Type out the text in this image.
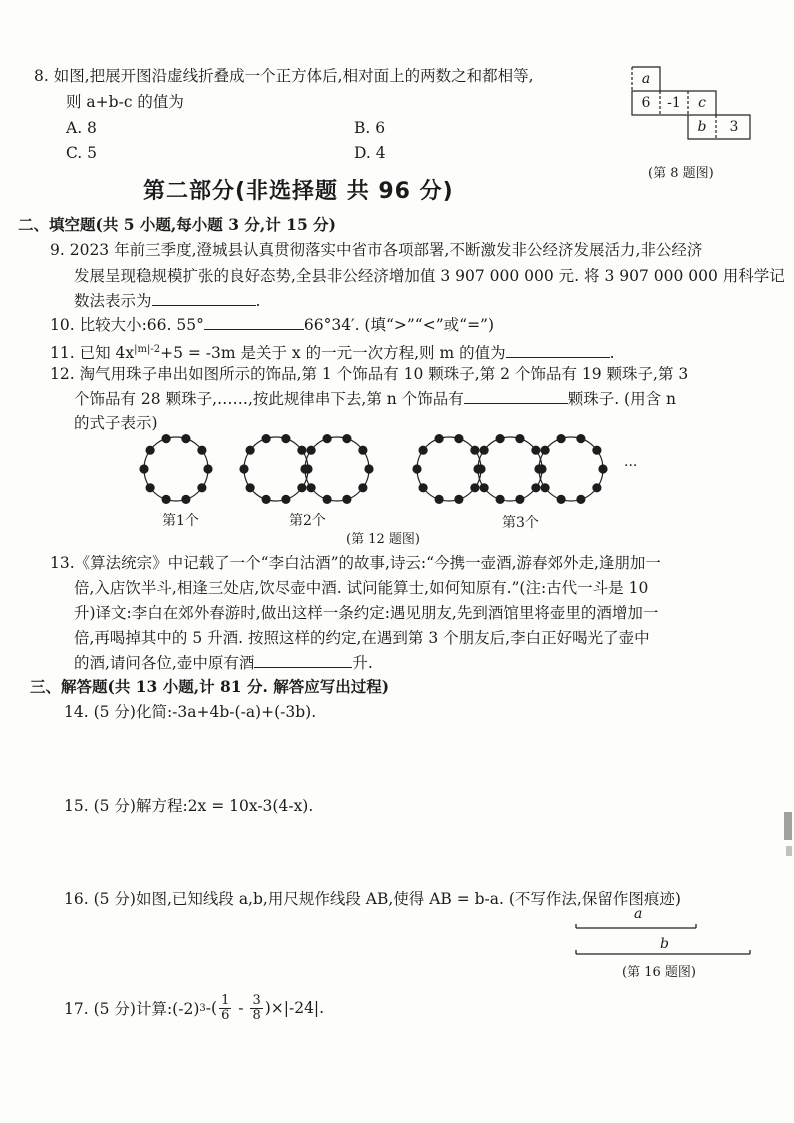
8. 如图,把展开图沿虚线折叠成一个正方体后,相对面上的两数之和都相等,
则 a+b-c 的值为
A. 8	B. 6
C. 5	D. 4
a
6	-1	c
b	3
(第 8 题图)
第二部分(非选择题 共 96 分)
二、填空题(共 5 小题,每小题 3 分,计 15 分)
9. 2023 年前三季度,澄城县认真贯彻落实中省市各项部署,不断激发非公经济发展活力,非公经济
发展呈现稳规模扩张的良好态势,全县非公经济增加值 3 907 000 000 元. 将 3 907 000 000 用科学记
数法表示为	.
10. 比较大小:66. 55°	66°34′. (填“>”“<”或“=”)
11. 已知 $4x^{|m|-2}+5 = -3m$ 是关于 x 的一元一次方程,则 m 的值为	.
12. 淘气用珠子串出如图所示的饰品,第 1 个饰品有 10 颗珠子,第 2 个饰品有 19 颗珠子,第 3
个饰品有 28 颗珠子,……,按此规律串下去,第 n 个饰品有	颗珠子. (用含 n
的式子表示)
···
第1个	第2个	第3个
(第 12 题图)
13.《算法统宗》中记载了一个“李白沽酒”的故事,诗云:“今携一壶酒,游春郊外走,逢朋加一
倍,入店饮半斗,相逢三处店,饮尽壶中酒. 试问能算士,如何知原有.”(注:古代一斗是 10
升)译文:李白在郊外春游时,做出这样一条约定:遇见朋友,先到酒馆里将壶里的酒增加一
倍,再喝掉其中的 5 升酒. 按照这样的约定,在遇到第 3 个朋友后,李白正好喝光了壶中
的酒,请问各位,壶中原有酒	升.
三、解答题(共 13 小题,计 81 分. 解答应写出过程)
14. (5 分)化简:-3a+4b-(-a)+(-3b).
15. (5 分)解方程:2x = 10x-3(4-x).
16. (5 分)如图,已知线段 a,b,用尺规作线段 AB,使得 AB = b-a. (不写作法,保留作图痕迹)
a
b
(第 16 题图)
17. (5 分)计算:(-2) 3 -( $\frac{1}{6} - \frac{3}{8} )\times|-24|$.
